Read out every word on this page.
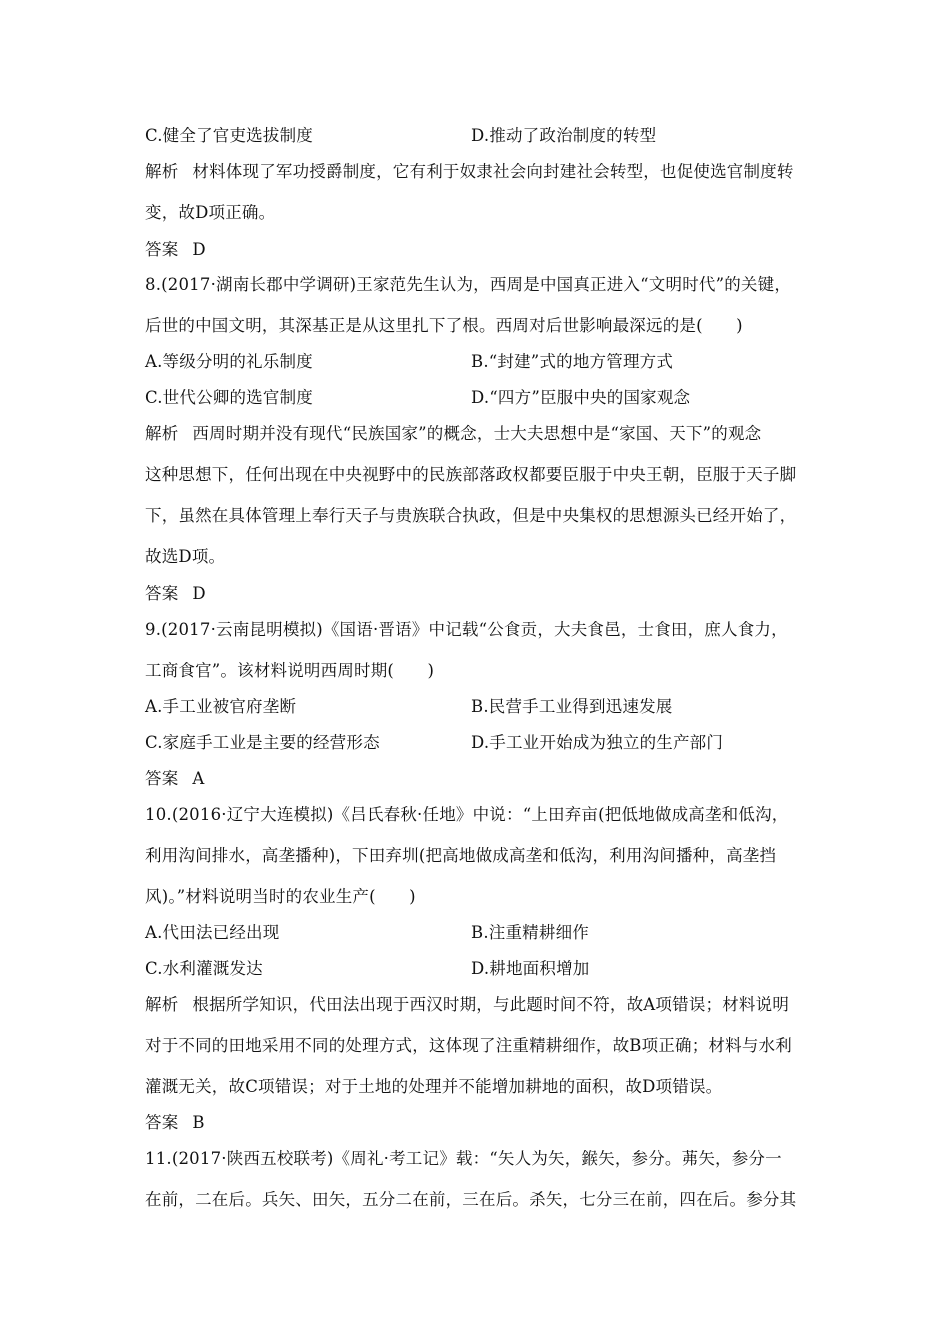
C.健全了官吏选拔制度	D.推动了政治制度的转型
解析 材料体现了军功授爵制度，它有利于奴隶社会向封建社会转型，也促使选官制度转
变，故D项正确。
答案 D
8.(2017·湖南长郡中学调研)王家范先生认为，西周是中国真正进入“文明时代”的关键，
后世的中国文明，其深基正是从这里扎下了根。西周对后世影响最深远的是(　　)
A.等级分明的礼乐制度	B.“封建”式的地方管理方式
C.世代公卿的选官制度	D.“四方”臣服中央的国家观念
解析 西周时期并没有现代“民族国家”的概念，士大夫思想中是“家国、天下”的观念
这种思想下，任何出现在中央视野中的民族部落政权都要臣服于中央王朝，臣服于天子脚
下，虽然在具体管理上奉行天子与贵族联合执政，但是中央集权的思想源头已经开始了，
故选D项。
答案 D
9.(2017·云南昆明模拟)《国语·晋语》中记载“公食贡，大夫食邑，士食田，庶人食力，
工商食官”。该材料说明西周时期(　　)
A.手工业被官府垄断	B.民营手工业得到迅速发展
C.家庭手工业是主要的经营形态	D.手工业开始成为独立的生产部门
答案 A
10.(2016·辽宁大连模拟)《吕氏春秋·任地》中说：“上田弃亩(把低地做成高垄和低沟，
利用沟间排水，高垄播种)，下田弃圳(把高地做成高垄和低沟，利用沟间播种，高垄挡
风)。”材料说明当时的农业生产(　　)
A.代田法已经出现	B.注重精耕细作
C.水利灌溉发达	D.耕地面积增加
解析 根据所学知识，代田法出现于西汉时期，与此题时间不符，故A项错误；材料说明
对于不同的田地采用不同的处理方式，这体现了注重精耕细作，故B项正确；材料与水利
灌溉无关，故C项错误；对于土地的处理并不能增加耕地的面积，故D项错误。
答案 B
11.(2017·陕西五校联考)《周礼·考工记》载：“矢人为矢，鍭矢，参分。茀矢，参分一
在前，二在后。兵矢、田矢，五分二在前，三在后。杀矢，七分三在前，四在后。参分其
